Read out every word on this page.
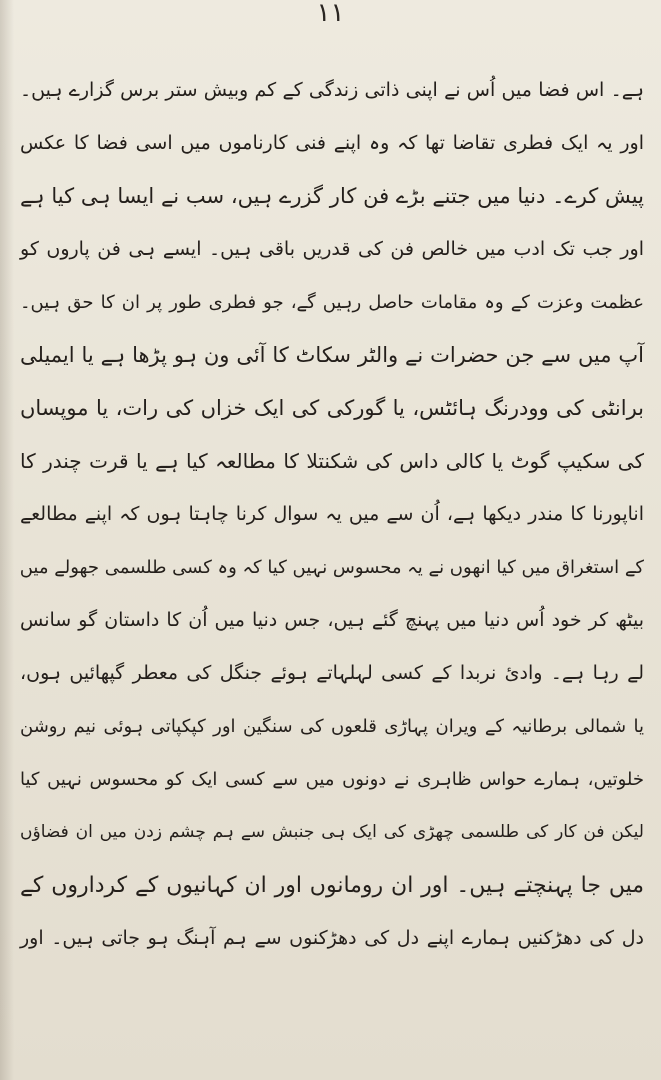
۱۱
ہے۔ اس فضا میں اُس نے اپنی ذاتی زندگی کے کم وبیش ستر برس گزارے ہیں۔
اور یہ ایک فطری تقاضا تھا کہ وہ اپنے فنی کارناموں میں اسی فضا کا عکس
پیش کرے۔ دنیا میں جتنے بڑے فن کار گزرے ہیں، سب نے ایسا ہی کیا ہے
اور جب تک ادب میں خالص فن کی قدریں باقی ہیں۔ ایسے ہی فن پاروں کو
عظمت وعزت کے وہ مقامات حاصل رہیں گے، جو فطری طور پر ان کا حق ہیں۔
آپ میں سے جن حضرات نے والٹر سکاٹ کا آئی ون ہو پڑھا ہے یا ایمیلی
برانٹی کی وودرنگ ہائٹس، یا گورکی کی ایک خزاں کی رات، یا موپساں
کی سکیپ گوٹ یا کالی داس کی شکنتلا کا مطالعہ کیا ہے یا قرت چندر کا
اناپورنا کا مندر دیکھا ہے، اُن سے میں یہ سوال کرنا چاہتا ہوں کہ اپنے مطالعے
کے استغراق میں کیا انھوں نے یہ محسوس نہیں کیا کہ وہ کسی طلسمی جھولے میں
بیٹھ کر خود اُس دنیا میں پہنچ گئے ہیں، جس دنیا میں اُن کا داستان گو سانس
لے رہا ہے۔ وادئ نربدا کے کسی لہلہاتے ہوئے جنگل کی معطر گپھائیں ہوں،
یا شمالی برطانیہ کے ویران پہاڑی قلعوں کی سنگین اور کپکپاتی ہوئی نیم روشن
خلوتیں، ہمارے حواس ظاہری نے دونوں میں سے کسی ایک کو محسوس نہیں کیا
لیکن فن کار کی طلسمی چھڑی کی ایک ہی جنبش سے ہم چشم زدن میں ان فضاؤں
میں جا پہنچتے ہیں۔ اور ان رومانوں اور ان کہانیوں کے کرداروں کے
دل کی دھڑکنیں ہمارے اپنے دل کی دھڑکنوں سے ہم آہنگ ہو جاتی ہیں۔ اور
